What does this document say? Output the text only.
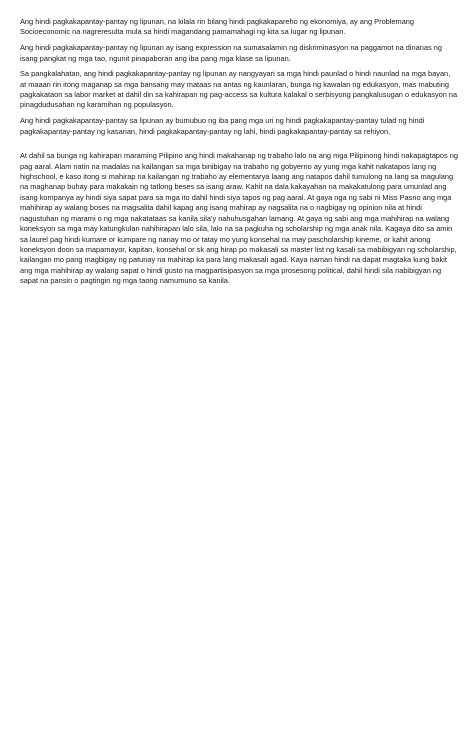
Ang hindi pagkakapantay-pantay ng lipunan, na kilala rin bilang hindi pagkakapareho ng ekonomiya, ay ang Problemang Socioeconomic na nagreresulta mula sa hindi magandang pamamahagi ng kita sa lugar ng lipunan.

Ang hindi pagkakapantay-pantay ng lipunan ay isang expression na sumasalamin ng diskriminasyon na paggamot na dinanas ng isang pangkat ng mga tao, ngunit pinapaboran ang iba pang mga klase sa lipunan.

Sa pangkalahatan, ang hindi pagkakapantay-pantay ng lipunan ay nangyayari sa mga hindi paunlad o hindi naunlad na mga bayan, at maaari rin itong maganap sa mga bansang may mataas na antas ng kaunlaran, bunga ng kawalan ng edukasyon, mas mabuting pagkakataon sa labor market at dahil din sa kahirapan ng pag-access sa kultura kalakal o serbisyong pangkalusugan o edukasyon na pinagdudusahan ng karamihan ng populasyon.

Ang hindi pagkakapantay-pantay sa lipunan ay bumubuo ng iba pang mga uri ng hindi pagkakapantay-pantay tulad ng hindi pagkakapantay-pantay ng kasarian, hindi pagkakapantay-pantay ng lahi, hindi pagkakapantay-pantay sa rehiyon,

At dahil sa bunga ng kahirapan maraming Pilipino ang hindi makahanap ng trabaho lalo na ang mga Pilipinong hindi nakapagtapos ng pag aaral. Alam natin na madalas na kailangan sa mga binibigay na trabaho ng gobyerno ay yung mga kahit nakatapos lang ng highschool, e kaso itong si mahirap na kailangan ng trabaho ay elementarya laang ang natapos dahil tumulong na lang sa magulang na maghanap buhay para makakain ng tatlong beses sa isang araw. Kahit na dala kakayahan na makakatulong para umunlad ang isang kompanya ay hindi siya sapat para sa mga ito dahil hindi siya tapos ng pag aaral. At gaya nga ng sabi ni Miss Pasno ang mga mahihirap ay walang boses na magsalita dahil kapag ang isang mahirap ay nagsalita na o nagbigay ng opinion nila at hindi nagustuhan ng marami o ng mga nakatataas sa kanila sila'y nahuhusgahan lamang. At gaya ng sabi ang mga mahihirap na walang koneksyon sa mga may katungkulan nahihirapan lalo sila, lalo na sa pagkuha ng scholarship ng mga anak nila. Kagaya dito sa amin sa laurel pag hindi kumare or kumpare ng nanay mo or tatay mo yung konsehal na may pascholarship kineme, or kahit anong koneksyon doon sa mapamayor, kapitan, konsehal or sk ang hirap po makasali sa master list ng kasali sa mabibigyan ng scholarship, kailangan mo pang magbigay ng patunay na mahirap ka para lang makasali agad. Kaya naman hindi na dapat magtaka kung bakit ang mga mahihirap ay walang sapat o hindi gusto na magpartisipasyon sa mga prosesong political, dahil hindi sila nabibigyan ng sapat na pansin o pagtingin ng mga taong namumuno sa kanila.
